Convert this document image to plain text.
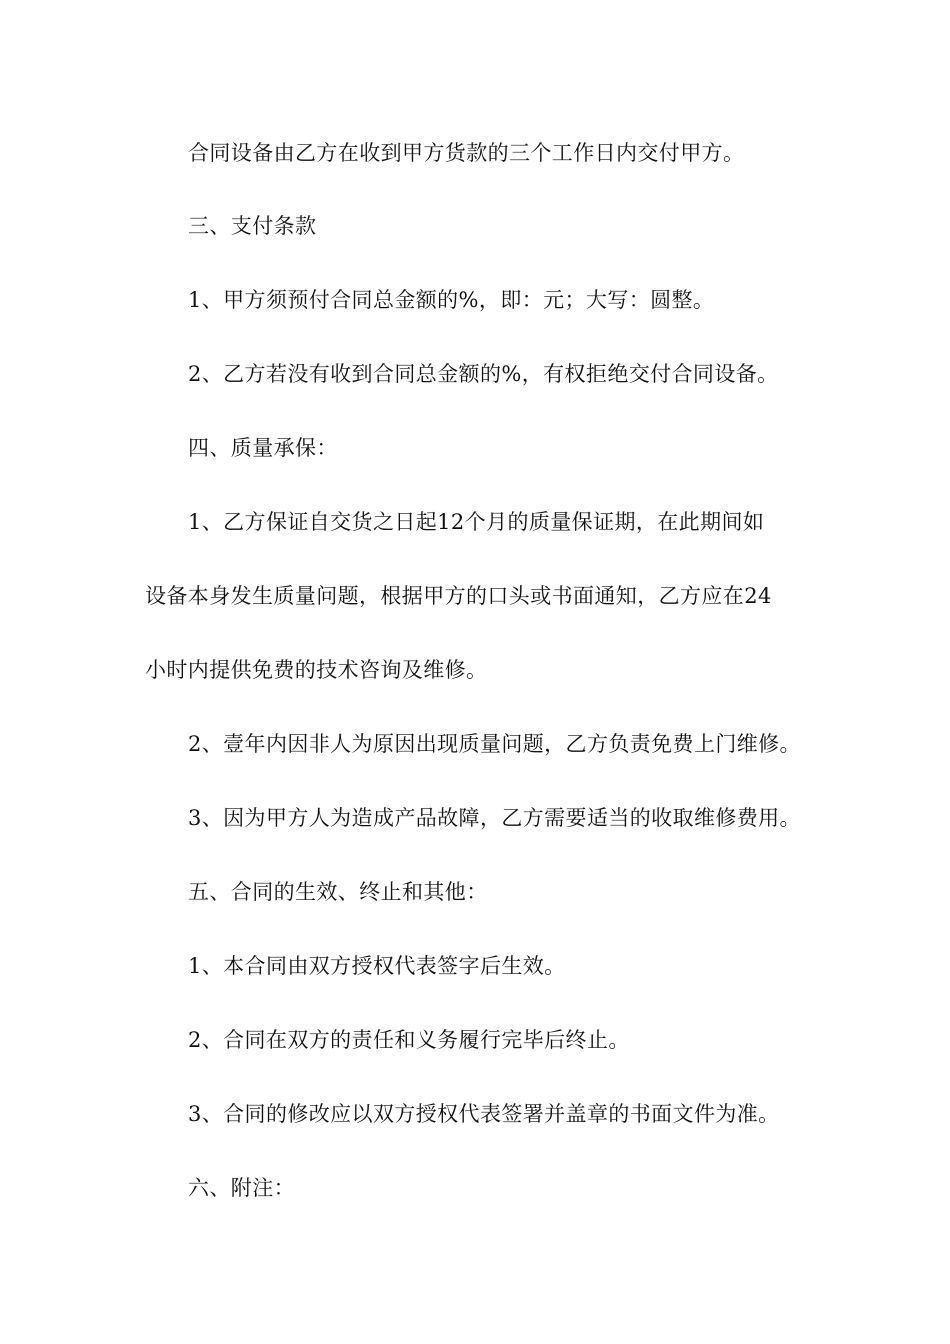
合同设备由乙方在收到甲方货款的三个工作日内交付甲方。
三、支付条款
1、甲方须预付合同总金额的%，即：元；大写：圆整。
2、乙方若没有收到合同总金额的%，有权拒绝交付合同设备。
四、质量承保：
1、乙方保证自交货之日起12个月的质量保证期，在此期间如
设备本身发生质量问题，根据甲方的口头或书面通知，乙方应在24
小时内提供免费的技术咨询及维修。
2、壹年内因非人为原因出现质量问题，乙方负责免费上门维修。
3、因为甲方人为造成产品故障，乙方需要适当的收取维修费用。
五、合同的生效、终止和其他：
1、本合同由双方授权代表签字后生效。
2、合同在双方的责任和义务履行完毕后终止。
3、合同的修改应以双方授权代表签署并盖章的书面文件为准。
六、附注：
